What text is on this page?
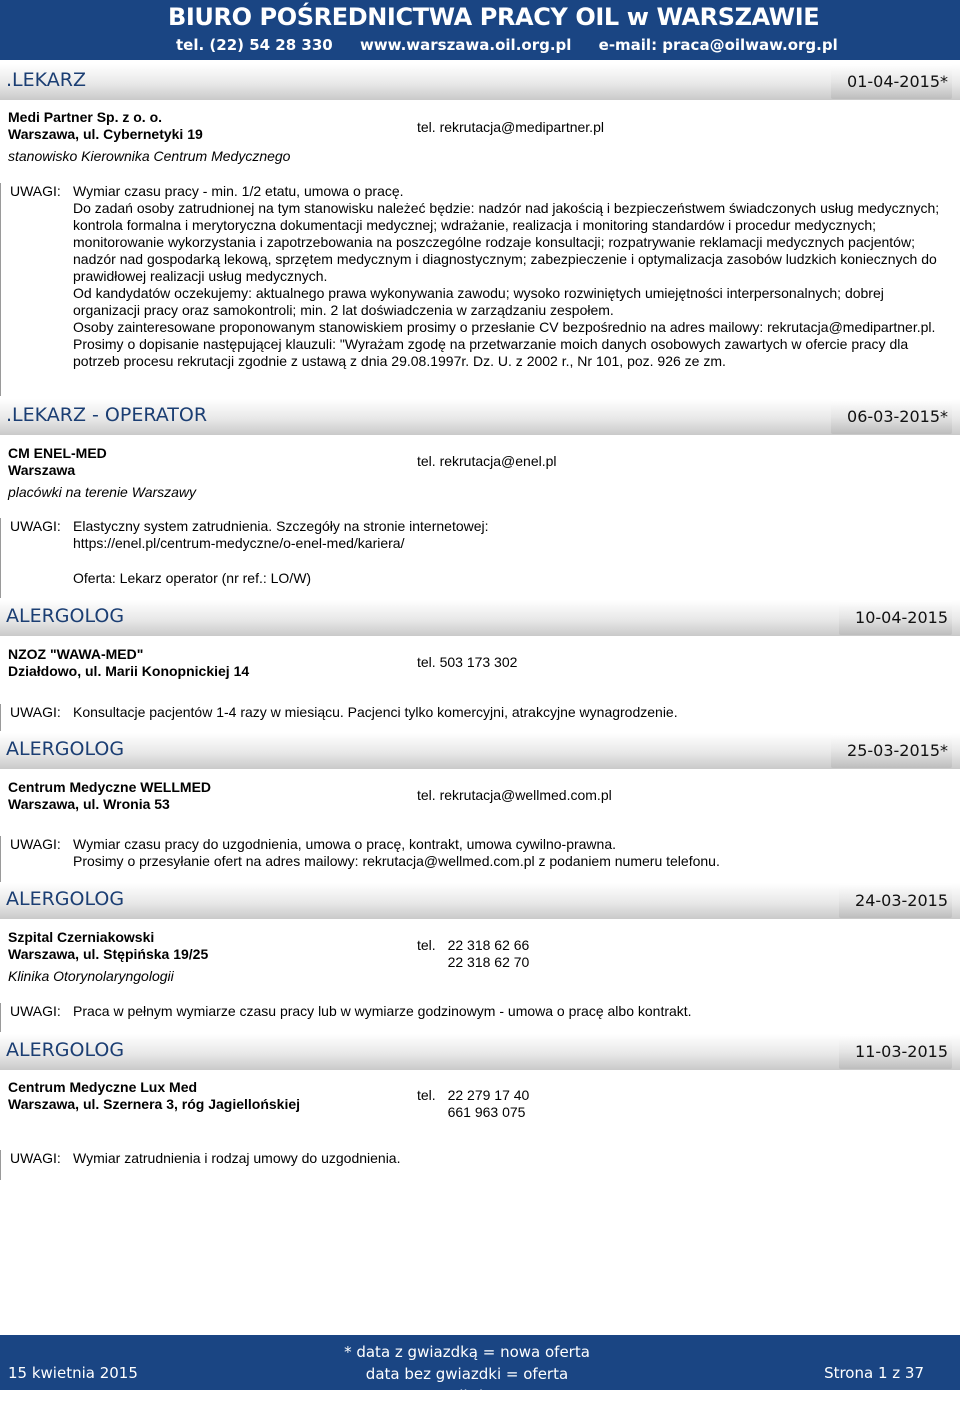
BIURO POŚREDNICTWA PRACY OIL w WARSZAWIE
tel. (22) 54 28 330 www.warszawa.oil.org.pl e-mail: praca@oilwaw.org.pl
.LEKARZ	01-04-2015*
Medi Partner Sp. z o. o.
Warszawa, ul. Cybernetyki 19
stanowisko Kierownika Centrum Medycznego
tel. rekrutacja@medipartner.pl
UWAGI: Wymiar czasu pracy - min. 1/2 etatu, umowa o pracę.

Do zadań osoby zatrudnionej na tym stanowisku należeć będzie: nadzór nad jakością i bezpieczeństwem świadczonych usług medycznych; kontrola formalna i merytoryczna dokumentacji medycznej; wdrażanie, realizacja i monitoring standardów i procedur medycznych; monitorowanie wykorzystania i zapotrzebowania na poszczególne rodzaje konsultacji; rozpatrywanie reklamacji medycznych pacjentów; nadzór nad gospodarką lekową, sprzętem medycznym i diagnostycznym; zabezpieczenie i optymalizacja zasobów ludzkich koniecznych do prawidłowej realizacji usług medycznych.

Od kandydatów oczekujemy: aktualnego prawa wykonywania zawodu; wysoko rozwiniętych umiejętności interpersonalnych; dobrej organizacji pracy oraz samokontroli; min. 2 lat doświadczenia w zarządzaniu zespołem.

Osoby zainteresowane proponowanym stanowiskiem prosimy o przesłanie CV bezpośrednio na adres mailowy: rekrutacja@medipartner.pl.

Prosimy o dopisanie następującej klauzuli: "Wyrażam zgodę na przetwarzanie moich danych osobowych zawartych w ofercie pracy dla potrzeb procesu rekrutacji zgodnie z ustawą z dnia 29.08.1997r. Dz. U. z 2002 r., Nr 101, poz. 926 ze zm.

.LEKARZ - OPERATOR	06-03-2015*
CM ENEL-MED
Warszawa
placówki na terenie Warszawy
tel. rekrutacja@enel.pl
UWAGI: Elastyczny system zatrudnienia. Szczegóły na stronie internetowej: https://enel.pl/centrum-medyczne/o-enel-med/kariera/

Oferta: Lekarz operator (nr ref.: LO/W)
ALERGOLOG	10-04-2015
NZOZ "WAWA-MED"
Działdowo, ul. Marii Konopnickiej 14
tel. 503 173 302
UWAGI: Konsultacje pacjentów 1-4 razy w miesiącu. Pacjenci tylko komercyjni, atrakcyjne wynagrodzenie.

ALERGOLOG	25-03-2015*
Centrum Medyczne WELLMED
Warszawa, ul. Wronia 53
tel. rekrutacja@wellmed.com.pl
UWAGI: Wymiar czasu pracy do uzgodnienia, umowa o pracę, kontrakt, umowa cywilno-prawna.

Prosimy o przesyłanie ofert na adres mailowy: rekrutacja@wellmed.com.pl z podaniem numeru telefonu.

ALERGOLOG	24-03-2015
Szpital Czerniakowski
Warszawa, ul. Stępińska 19/25
Klinika Otorynolaryngologii
tel. 22 318 62 66
22 318 62 70
UWAGI: Praca w pełnym wymiarze czasu pracy lub w wymiarze godzinowym - umowa o pracę albo kontrakt.

ALERGOLOG	11-03-2015
Centrum Medyczne Lux Med
Warszawa, ul. Szernera 3, róg Jagiellońskiej
tel. 22 279 17 40
661 963 075
UWAGI: Wymiar zatrudnienia i rodzaj umowy do uzgodnienia.

15 kwietnia 2015
* data z gwiazdką = nowa oferta
data bez gwiazdki = oferta przedłużona
Strona 1 z 37
